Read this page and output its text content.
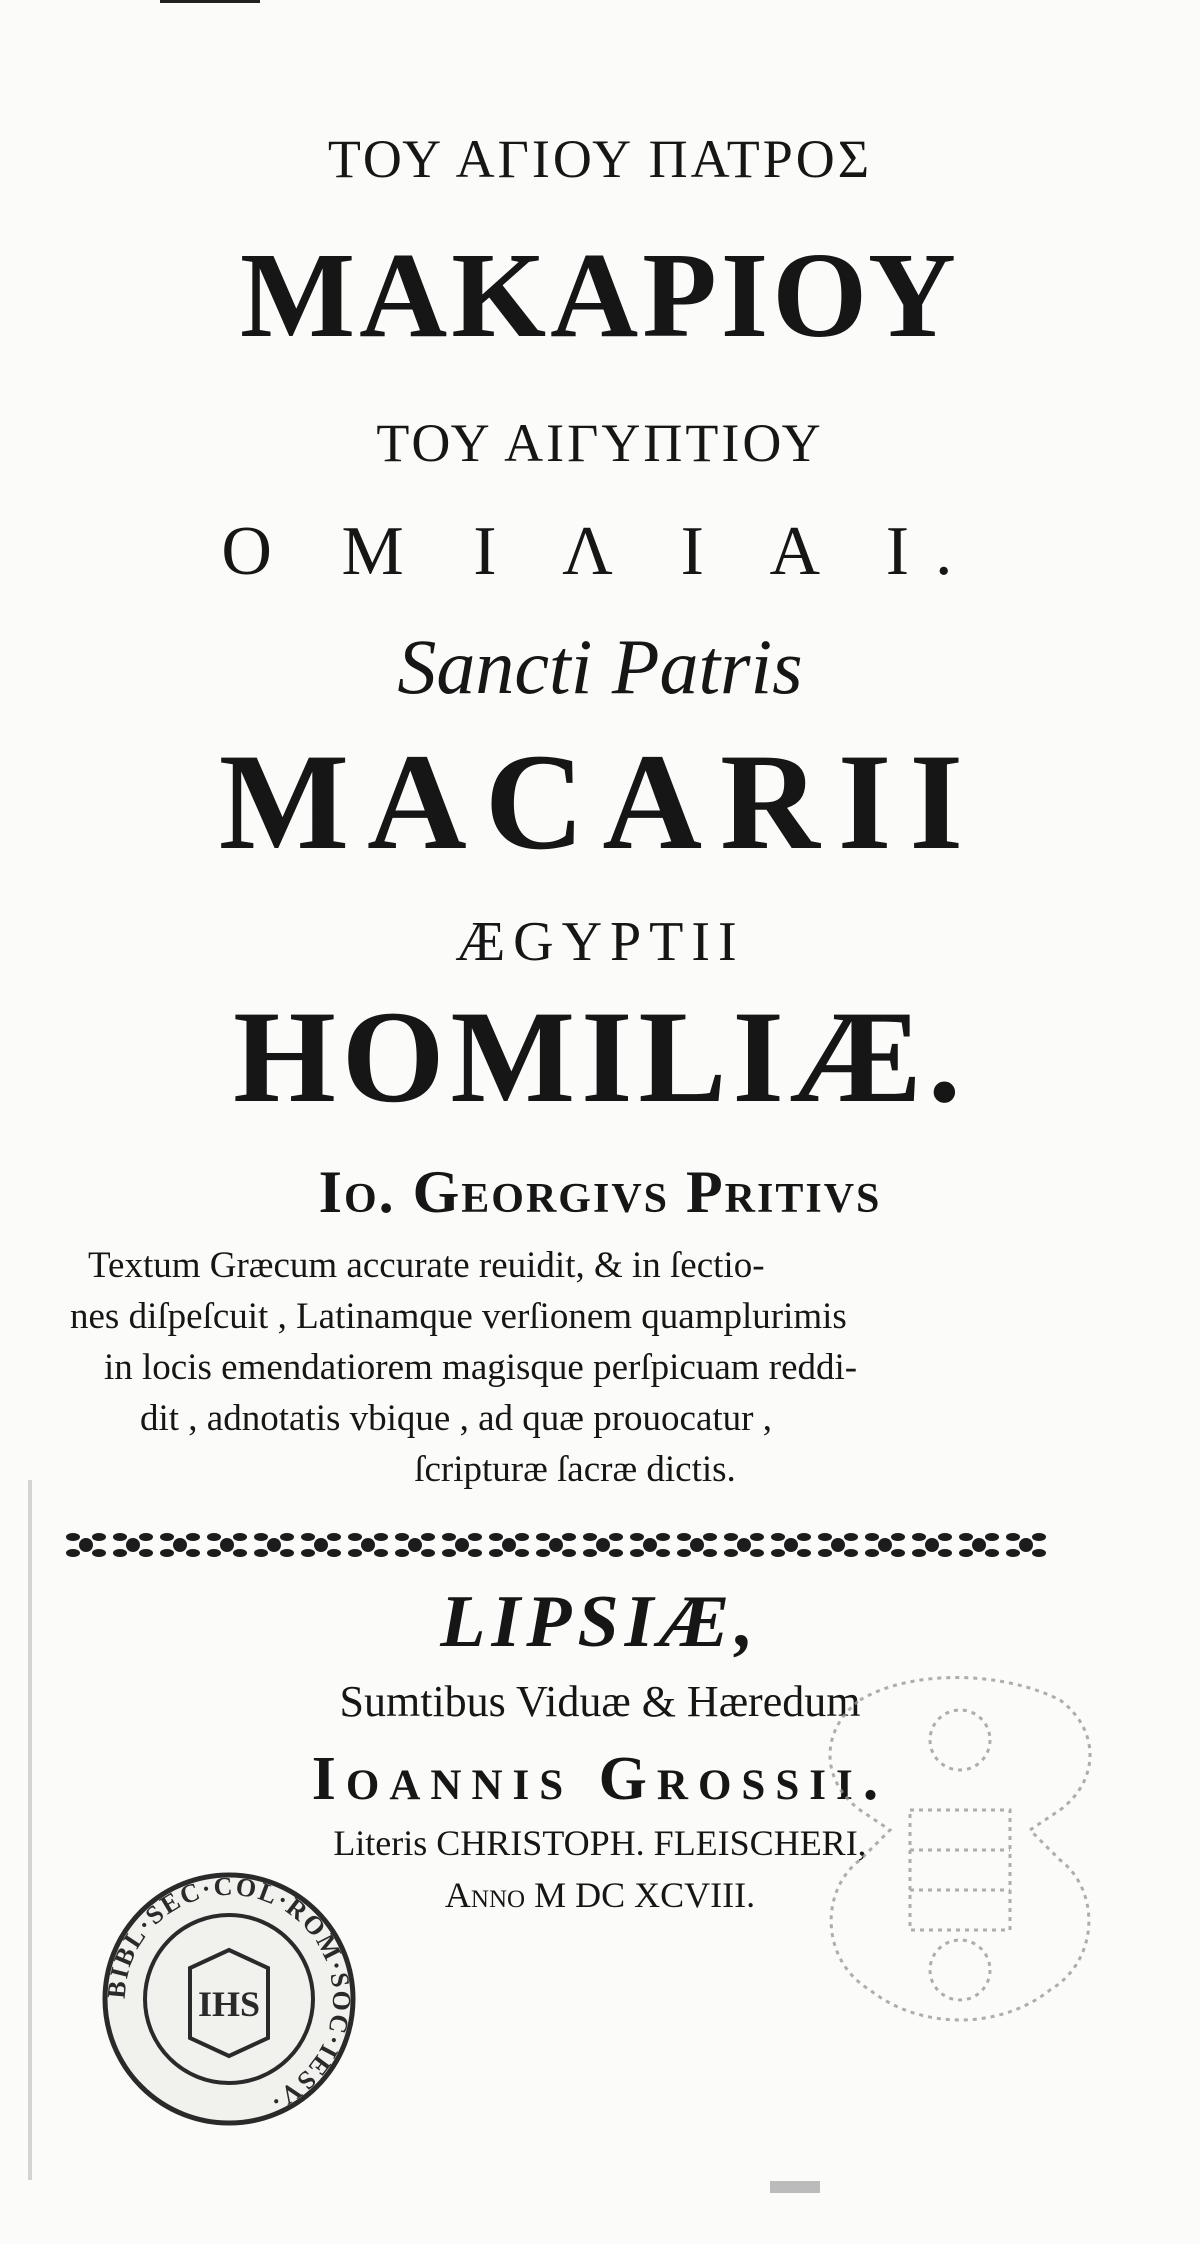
ΤΟΥ ΑΓΙΟΥ ΠΑΤΡΟΣ

ΜΑΚΑΡΙΟΥ

ΤΟΥ ΑΙΓΥΠΤΙΟΥ

Ο Μ Ι Λ Ι Α Ι.

Sancti Patris

MACARII

ÆGYPTII

HOMILIÆ.

Io. Georgivs Pritivs

Textum Græcum accurate reuidit, & in ſectio-
nes diſpeſcuit , Latinamque verſionem quamplurimis
in locis emendatiorem magisque perſpicuam reddi-
dit , adnotatis vbique , ad quæ prouocatur ,
ſcripturæ ſacræ dictis.

LIPSIÆ,

Sumtibus Viduæ & Hæredum

Ioannis Grossii.

Literis CHRISTOPH. FLEISCHERI,

Anno M DC XCVIII.

BIBL·SEC·COL·ROM·SOC·IESV·
IHS
